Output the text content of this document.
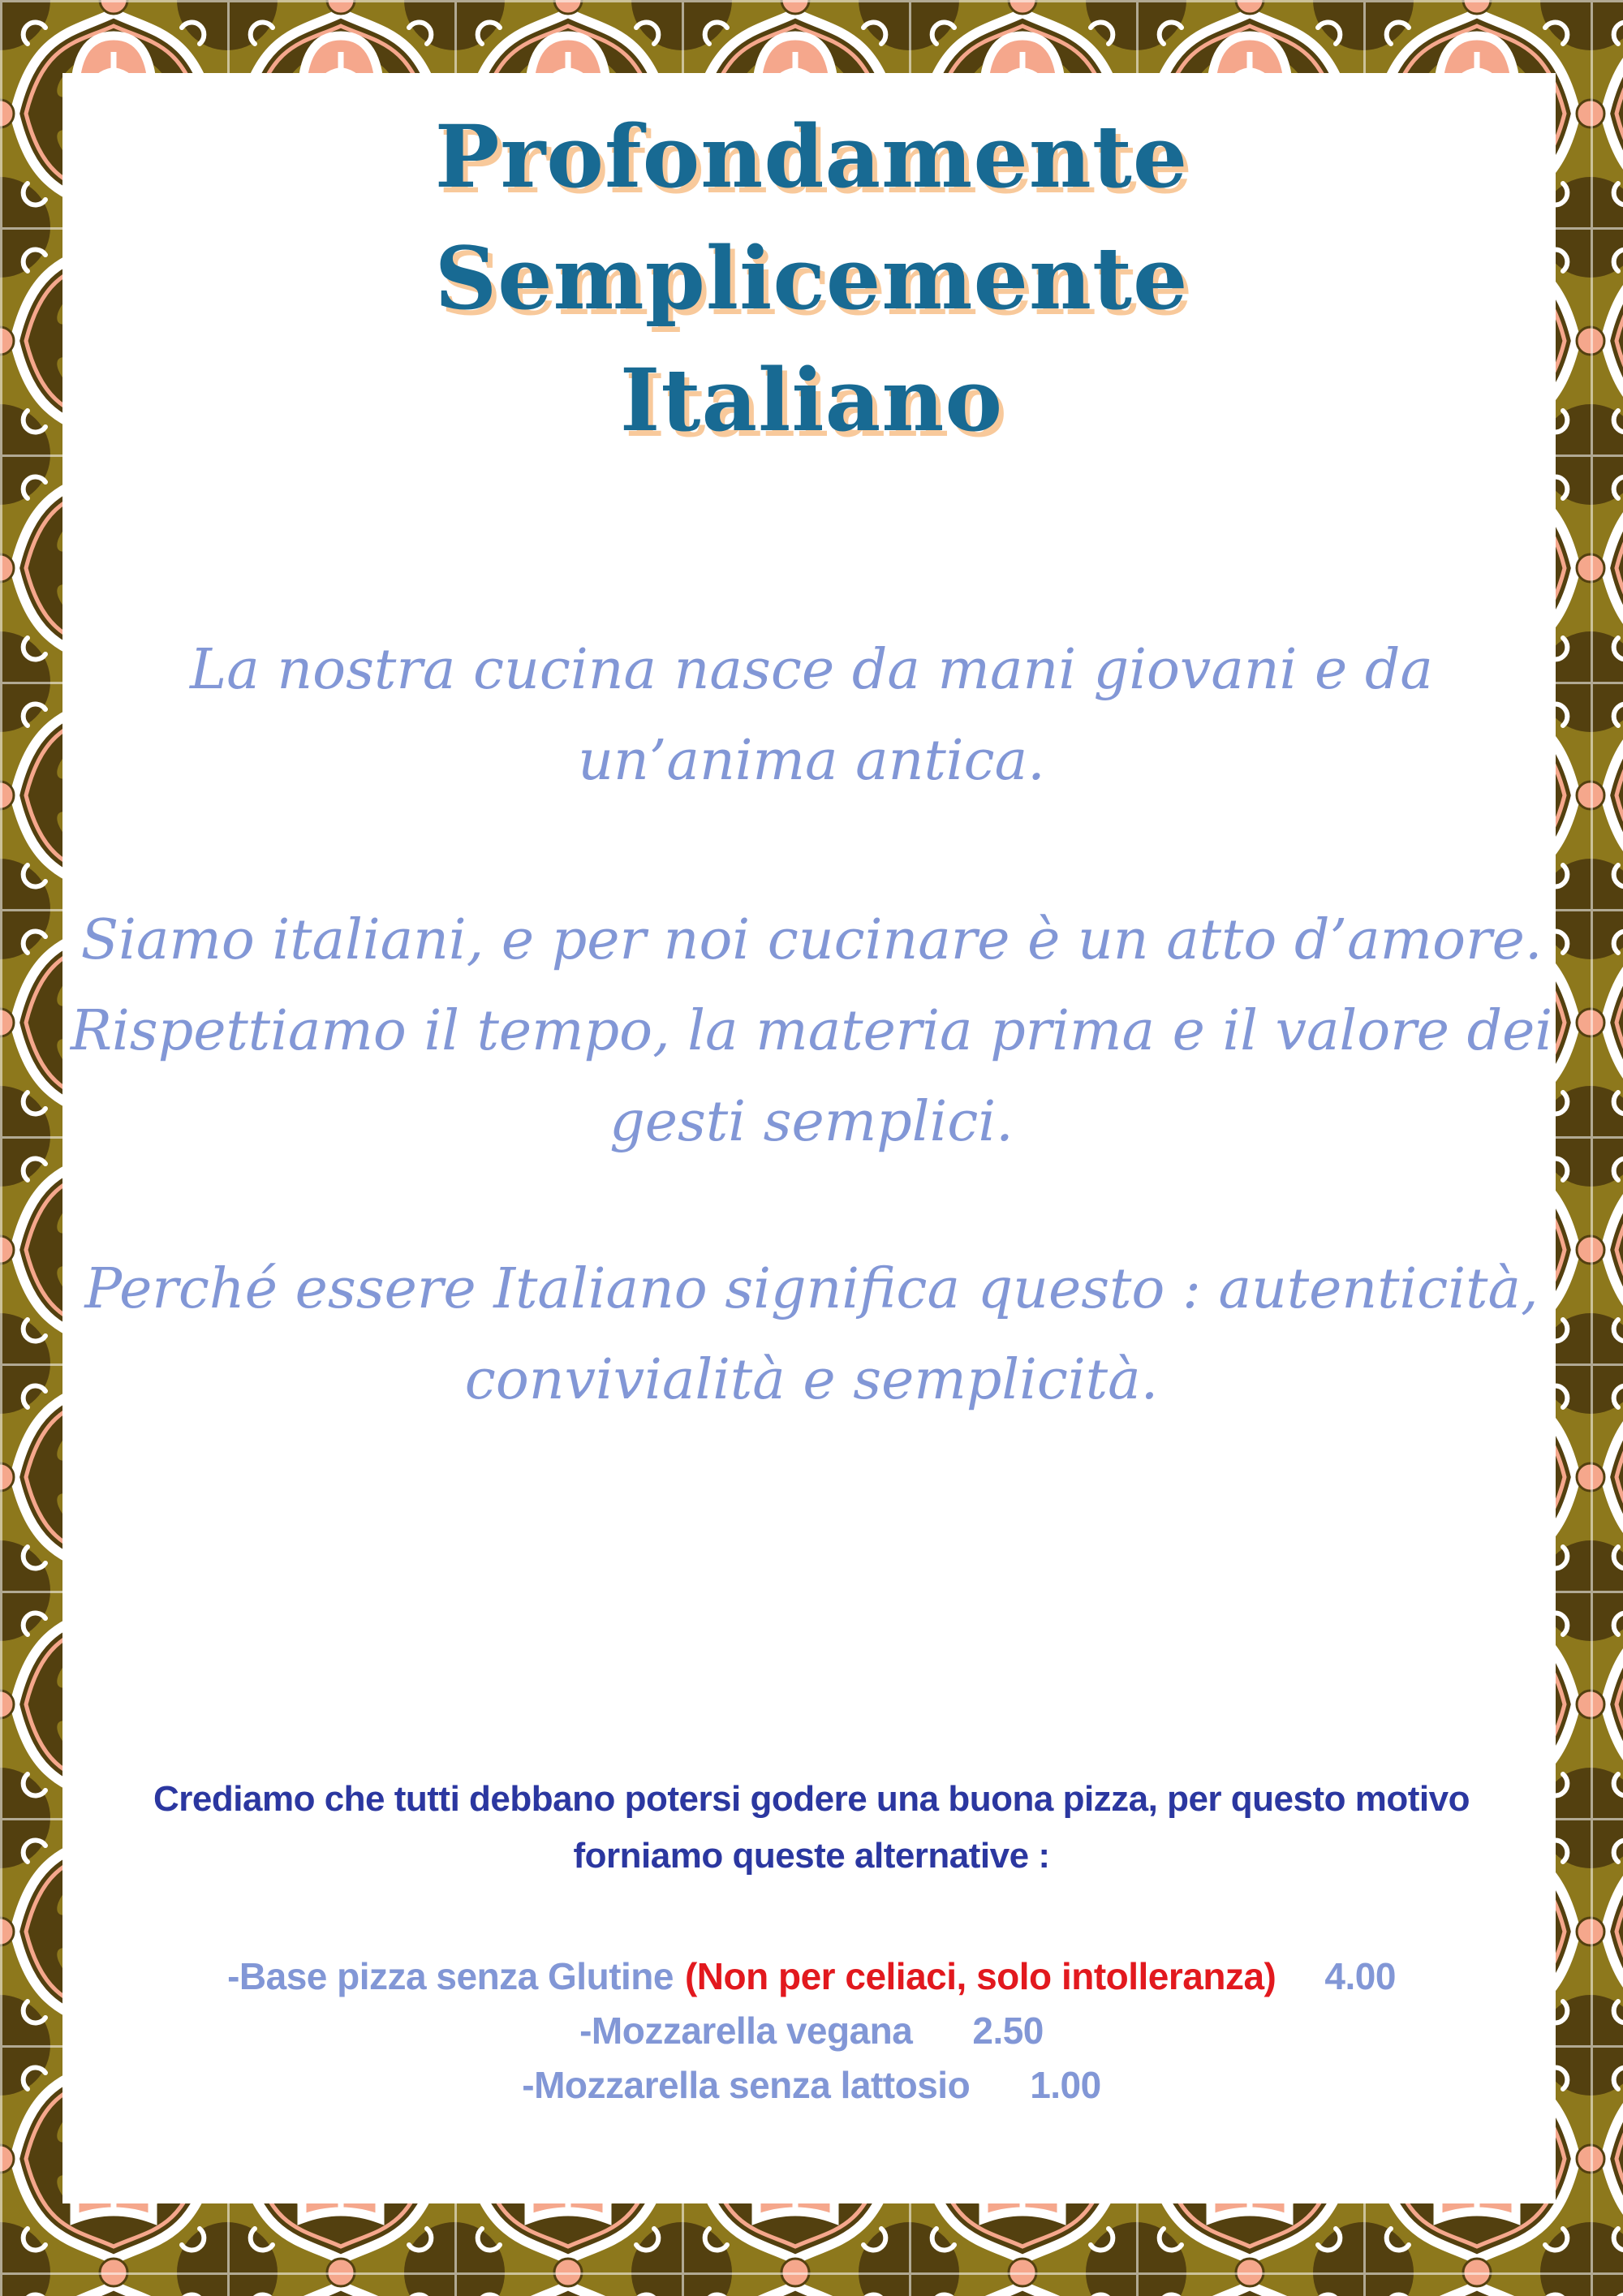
Profondamente
Semplicemente
Italiano
La nostra cucina nasce da mani giovani e da
un’anima antica.
Siamo italiani, e per noi cucinare è un atto d’amore.
Rispettiamo il tempo, la materia prima e il valore dei
gesti semplici.
Perché essere Italiano significa questo : autenticità,
convivialità e semplicità.
Crediamo che tutti debbano potersi godere una buona pizza, per questo motivo
forniamo queste alternative :
-Base pizza senza Glutine (Non per celiaci, solo intolleranza) 4.00
-Mozzarella vegana 2.50
-Mozzarella senza lattosio 1.00
